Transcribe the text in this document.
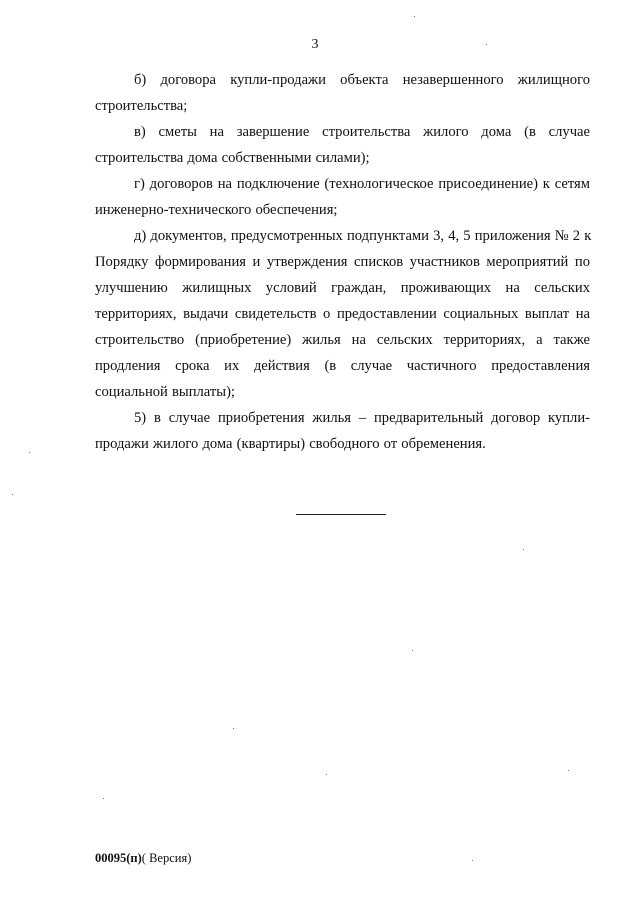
3

б) договора купли-продажи объекта незавершенного жилищного
строительства;

в) сметы на завершение строительства жилого дома (в случае
строительства дома собственными силами);

г) договоров на подключение (технологическое присоединение) к сетям
инженерно-технического обеспечения;

д) документов, предусмотренных подпунктами 3, 4, 5 приложения № 2 к
Порядку формирования и утверждения списков участников мероприятий по
улучшению жилищных условий граждан, проживающих на сельских
территориях, выдачи свидетельств о предоставлении социальных выплат на
строительство (приобретение) жилья на сельских территориях, а также
продления срока их действия (в случае частичного предоставления
социальной выплаты);

5) в случае приобретения жилья – предварительный договор купли-
продажи жилого дома (квартиры) свободного от обременения.

00095(п)( Версия)
